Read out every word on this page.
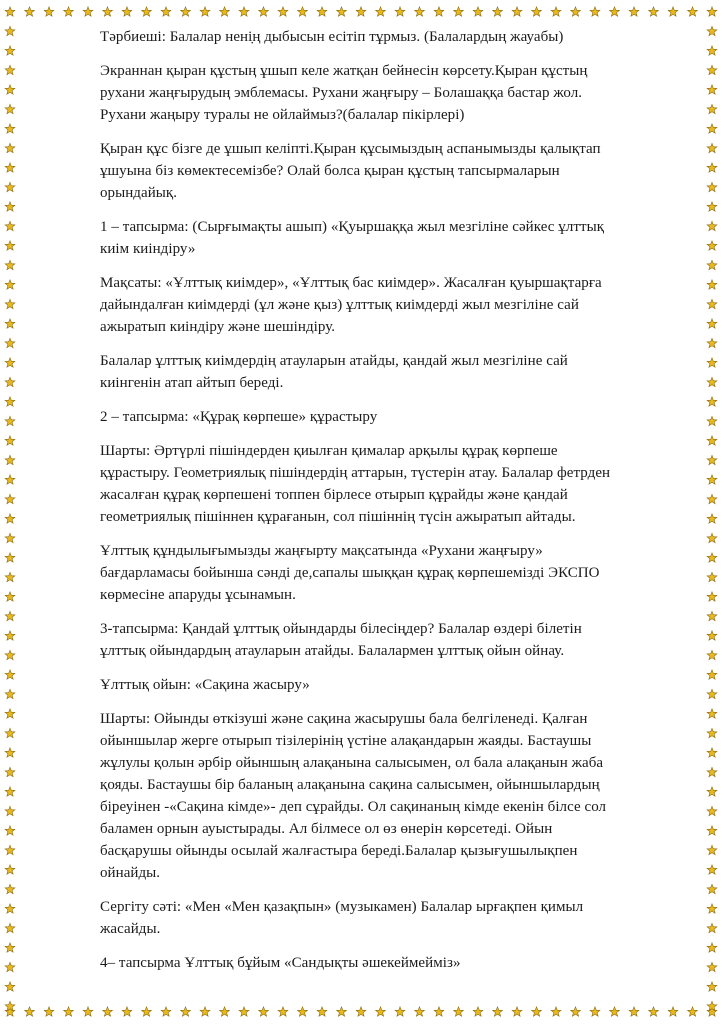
Тәрбиеші: Балалар нені̣ң дыбысын есітіп тұрмыз. (Балалардың жауабы)

Экраннан қыран құстың ұшып келе жатқан бейнесін көрсету.Қыран құстың
рухани жаңғырудың эмблемасы. Рухани жаңғыру – Болашаққа бастар жол.
Рухани жаңыру туралы не ойлаймыз?(балалар пікірлері)

Қыран құс бізге де ұшып келіпті.Қыран құсымыздың аспанымызды қалықтап
ұшуына біз көмектесемізбе? Олай болса қыран құстың тапсырмаларын
орындайық.

1 – тапсырма: (Сырғымақты ашып) «Қуыршаққа жыл мезгіліне сәйкес ұлттық
киім киіндіру»

Мақсаты: «Ұлттық киімдер», «Ұлттық бас киімдер». Жасалған қуыршақтарға
дайындалған киімдерді (ұл және қыз) ұлттық киімдерді жыл мезгіліне сай
ажыратып киіндіру және шешіндіру.

Балалар ұлттық киімдердің атауларын атайды, қандай жыл мезгіліне сай
киінгенін атап айтып береді.

2 – тапсырма: «Құрақ көрпеше» құрастыру

Шарты: Әртүрлі пішіндерден қиылған қималар арқылы құрақ көрпеше
құрастыру. Геометриялық пішіндердің аттарын, түстерін атау. Балалар фетрден
жасалған құрақ көрпешені топпен бірлесе отырып құрайды және қандай
геометриялық пішіннен құрағанын, сол пішіннің түсін ажыратып айтады.

Ұлттық құндылығымызды жаңғырту мақсатында «Рухани жаңғыру»
бағдарламасы бойынша сәнді де,сапалы шыққан құрақ көрпешемізді ЭКСПО
көрмесіне апаруды ұсынамын.

3-тапсырма: Қандай ұлттық ойындарды білесіңдер? Балалар өздері білетін
ұлттық ойындардың атауларын атайды. Балалармен ұлттық ойын ойнау.

Ұлттық ойын: «Сақина жасыру»

Шарты: Ойынды өткізуші және сақина жасырушы бала белгіленеді. Қалған
ойыншылар жерге отырып тізілерінің үстіне алақандарын жаяды. Бастаушы
жұлулы қолын әрбір ойыншың алақанына салысымен, ол бала алақанын жаба
қояды. Бастаушы бір баланың алақанына сақина салысымен, ойыншылардың
біреуінен -«Сақина кімде»- деп сұрайды. Ол сақинаның кімде екенін білсе сол
баламен орнын ауыстырады. Ал білмесе ол өз өнерін көрсетеді. Ойын
басқарушы ойынды осылай жалғастыра береді.Балалар қызығушылықпен
ойнайды.

Сергіту сәті: «Мен «Мен қазақпын» (музыкамен) Балалар ырғақпен қимыл
жасайды.

4– тапсырма Ұлттық бұйым «Сандықты әшекеймейміз»
